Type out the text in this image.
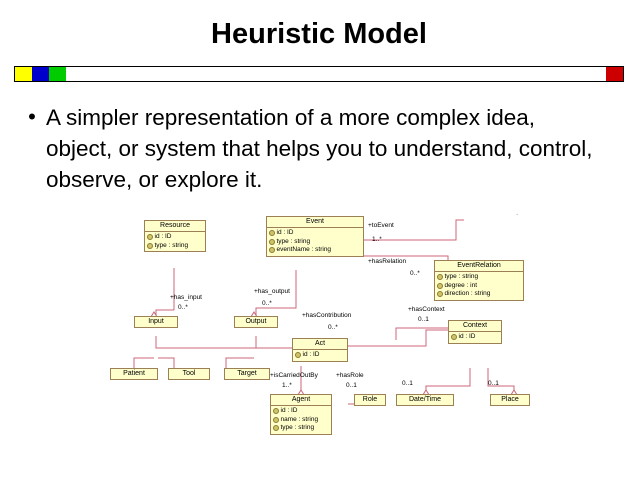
Heuristic Model
• A simpler representation of a more complex idea, object, or system that helps you to understand, control, observe, or explore it.
.
Resource
id : ID
type : string
Event
id : ID
type : string
eventName : string
EventRelation
type : string
degree : int
direction : string
Input	Output
Act
id : ID
Context
id : ID
Patient	Tool	Target
Agent
id : ID
name : string
type : string
Role	Date/Time	Place
+toEvent
1..*
+hasRelation
0..*
+has_input
0..*
+has_output
0..*
+hasContribution
0..*
+hasContext
0..1
+isCarriedOutBy
1..*
+hasRole
0..1	0..1	0..1
